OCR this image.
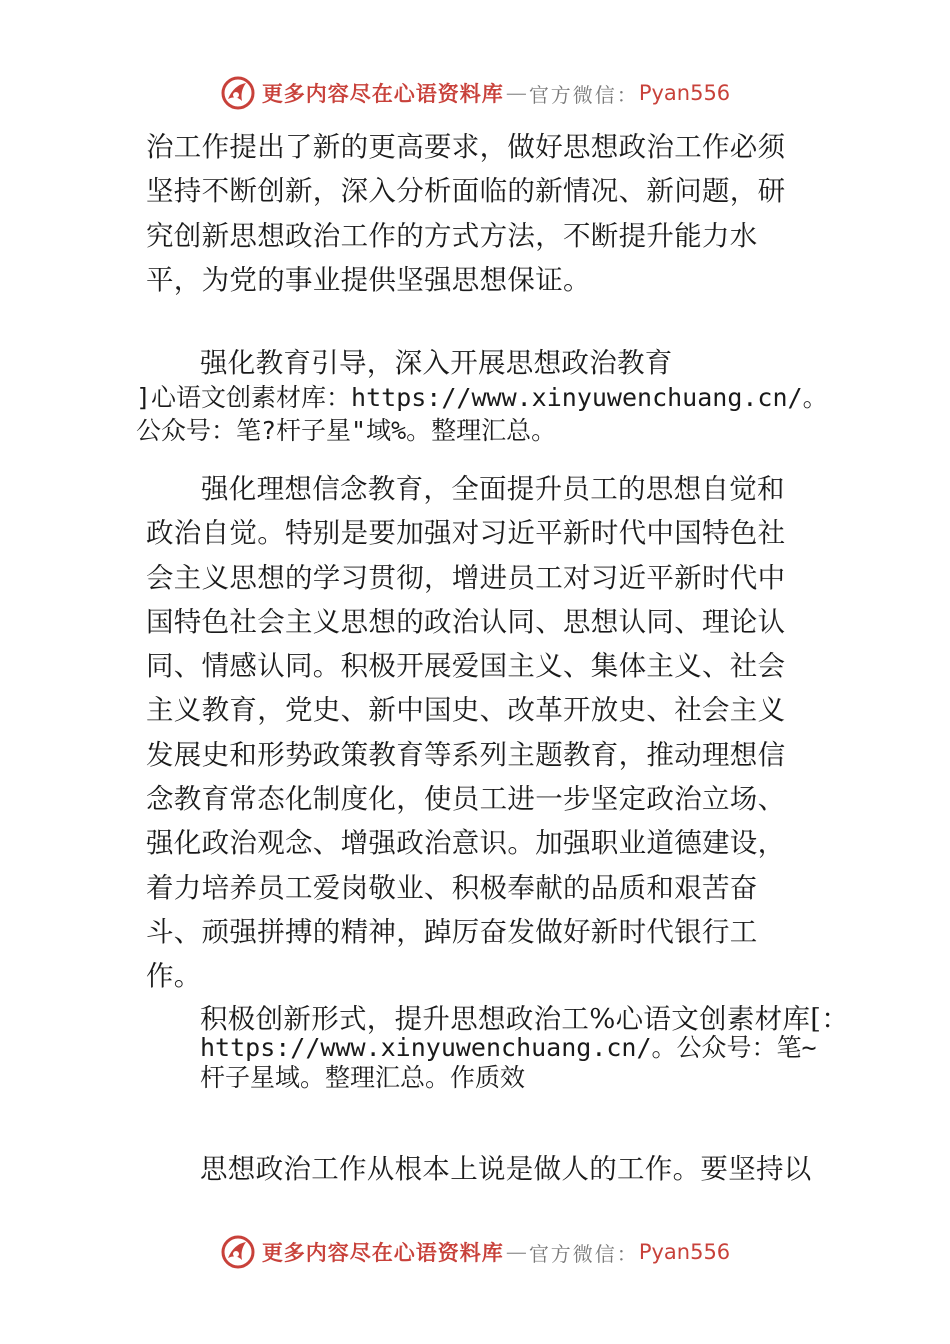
更多内容尽在心语资料库 — 官方微信： Pyan556

治工作提出了新的更高要求，做好思想政治工作必须坚持不断创新，深入分析面临的新情况、新问题，研究创新思想政治工作的方式方法，不断提升能力水平，为党的事业提供坚强思想保证。

强化教育引导，深入开展思想政治教育

]心语文创素材库：https://www.xinyuwenchuang.cn/。公众号：笔?杆子星"域%。整理汇总。

强化理想信念教育，全面提升员工的思想自觉和政治自觉。特别是要加强对习近平新时代中国特色社会主义思想的学习贯彻，增进员工对习近平新时代中国特色社会主义思想的政治认同、思想认同、理论认同、情感认同。积极开展爱国主义、集体主义、社会主义教育，党史、新中国史、改革开放史、社会主义发展史和形势政策教育等系列主题教育，推动理想信念教育常态化制度化，使员工进一步坚定政治立场、强化政治观念、增强政治意识。加强职业道德建设，着力培养员工爱岗敬业、积极奉献的品质和艰苦奋斗、顽强拼搏的精神，踔厉奋发做好新时代银行工作。

积极创新形式，提升思想政治工%心语文创素材库[：

https://www.xinyuwenchuang.cn/。公众号：笔~杆子星域。整理汇总。作质效

思想政治工作从根本上说是做人的工作。要坚持以

更多内容尽在心语资料库 — 官方微信： Pyan556
